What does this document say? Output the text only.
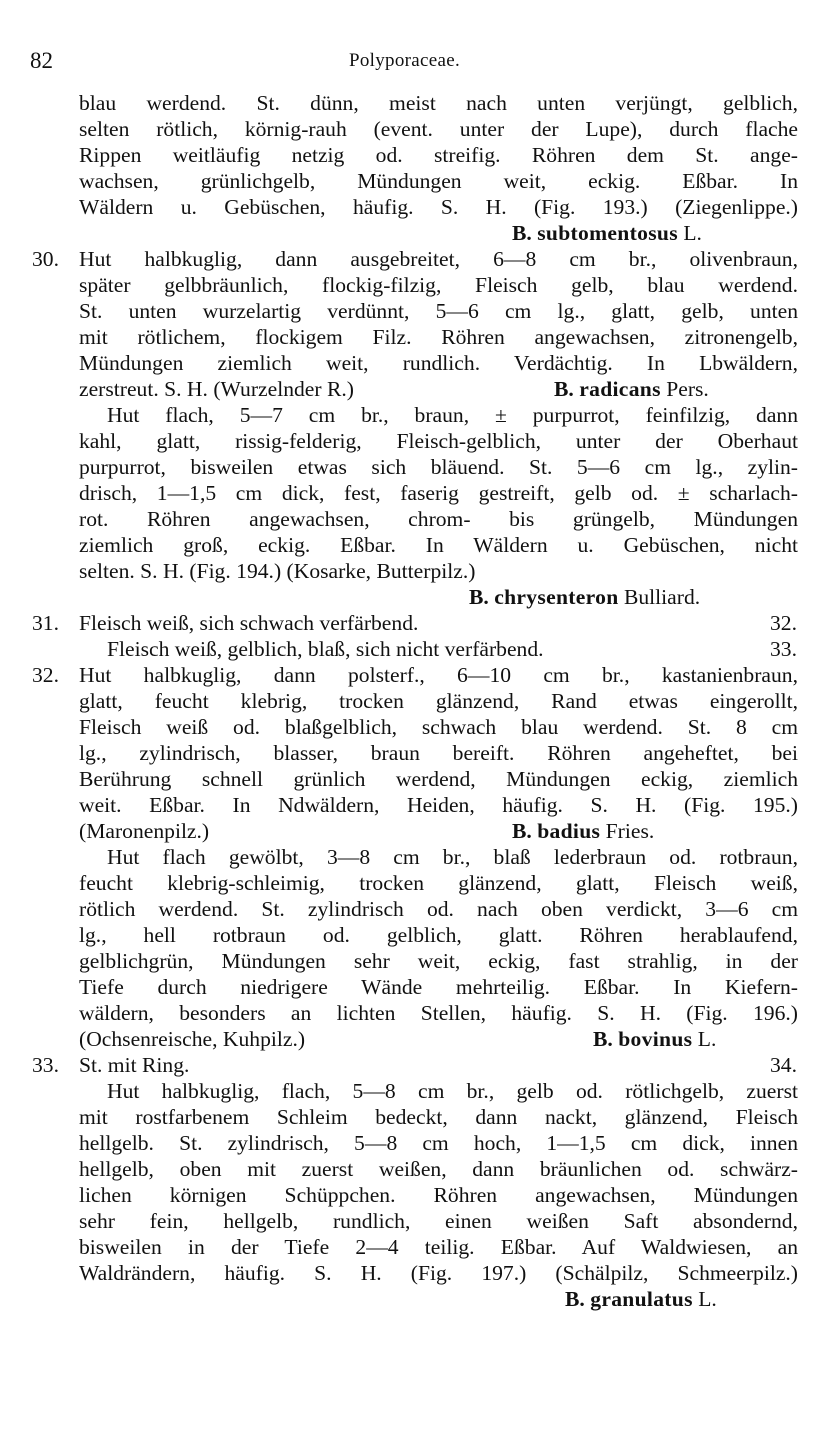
82	Polyporaceae.
blau werdend. St. dünn, meist nach unten verjüngt, gelblich,
selten rötlich, körnig-rauh (event. unter der Lupe), durch flache
Rippen weitläufig netzig od. streifig. Röhren dem St. ange-
wachsen, grünlichgelb, Mündungen weit, eckig. Eßbar. In
Wäldern u. Gebüschen, häufig. S. H. (Fig. 193.) (Ziegenlippe.)
B. subtomentosus L.
30. Hut halbkuglig, dann ausgebreitet, 6—8 cm br., olivenbraun,
später gelbbräunlich, flockig-filzig, Fleisch gelb, blau werdend.
St. unten wurzelartig verdünnt, 5—6 cm lg., glatt, gelb, unten
mit rötlichem, flockigem Filz. Röhren angewachsen, zitronengelb,
Mündungen ziemlich weit, rundlich. Verdächtig. In Lbwäldern,
zerstreut. S. H. (Wurzelnder R.)	B. radicans Pers.
Hut flach, 5—7 cm br., braun, ± purpurrot, feinfilzig, dann
kahl, glatt, rissig-felderig, Fleisch-gelblich, unter der Oberhaut
purpurrot, bisweilen etwas sich bläuend. St. 5—6 cm lg., zylin-
drisch, 1—1,5 cm dick, fest, faserig gestreift, gelb od. ± scharlach-
rot. Röhren angewachsen, chrom- bis grüngelb, Mündungen
ziemlich groß, eckig. Eßbar. In Wäldern u. Gebüschen, nicht
selten. S. H. (Fig. 194.) (Kosarke, Butterpilz.)
B. chrysenteron Bulliard.
31. Fleisch weiß, sich schwach verfärbend.	32.
Fleisch weiß, gelblich, blaß, sich nicht verfärbend.	33.
32. Hut halbkuglig, dann polsterf., 6—10 cm br., kastanienbraun,
glatt, feucht klebrig, trocken glänzend, Rand etwas eingerollt,
Fleisch weiß od. blaßgelblich, schwach blau werdend. St. 8 cm
lg., zylindrisch, blasser, braun bereift. Röhren angeheftet, bei
Berührung schnell grünlich werdend, Mündungen eckig, ziemlich
weit. Eßbar. In Ndwäldern, Heiden, häufig. S. H. (Fig. 195.)
(Maronenpilz.)	B. badius Fries.
Hut flach gewölbt, 3—8 cm br., blaß lederbraun od. rotbraun,
feucht klebrig-schleimig, trocken glänzend, glatt, Fleisch weiß,
rötlich werdend. St. zylindrisch od. nach oben verdickt, 3—6 cm
lg., hell rotbraun od. gelblich, glatt. Röhren herablaufend,
gelblichgrün, Mündungen sehr weit, eckig, fast strahlig, in der
Tiefe durch niedrigere Wände mehrteilig. Eßbar. In Kiefern-
wäldern, besonders an lichten Stellen, häufig. S. H. (Fig. 196.)
(Ochsenreische, Kuhpilz.)	B. bovinus L.
33. St. mit Ring.	34.
Hut halbkuglig, flach, 5—8 cm br., gelb od. rötlichgelb, zuerst
mit rostfarbenem Schleim bedeckt, dann nackt, glänzend, Fleisch
hellgelb. St. zylindrisch, 5—8 cm hoch, 1—1,5 cm dick, innen
hellgelb, oben mit zuerst weißen, dann bräunlichen od. schwärz-
lichen körnigen Schüppchen. Röhren angewachsen, Mündungen
sehr fein, hellgelb, rundlich, einen weißen Saft absondernd,
bisweilen in der Tiefe 2—4 teilig. Eßbar. Auf Waldwiesen, an
Waldrändern, häufig. S. H. (Fig. 197.) (Schälpilz, Schmeerpilz.)
B. granulatus L.
